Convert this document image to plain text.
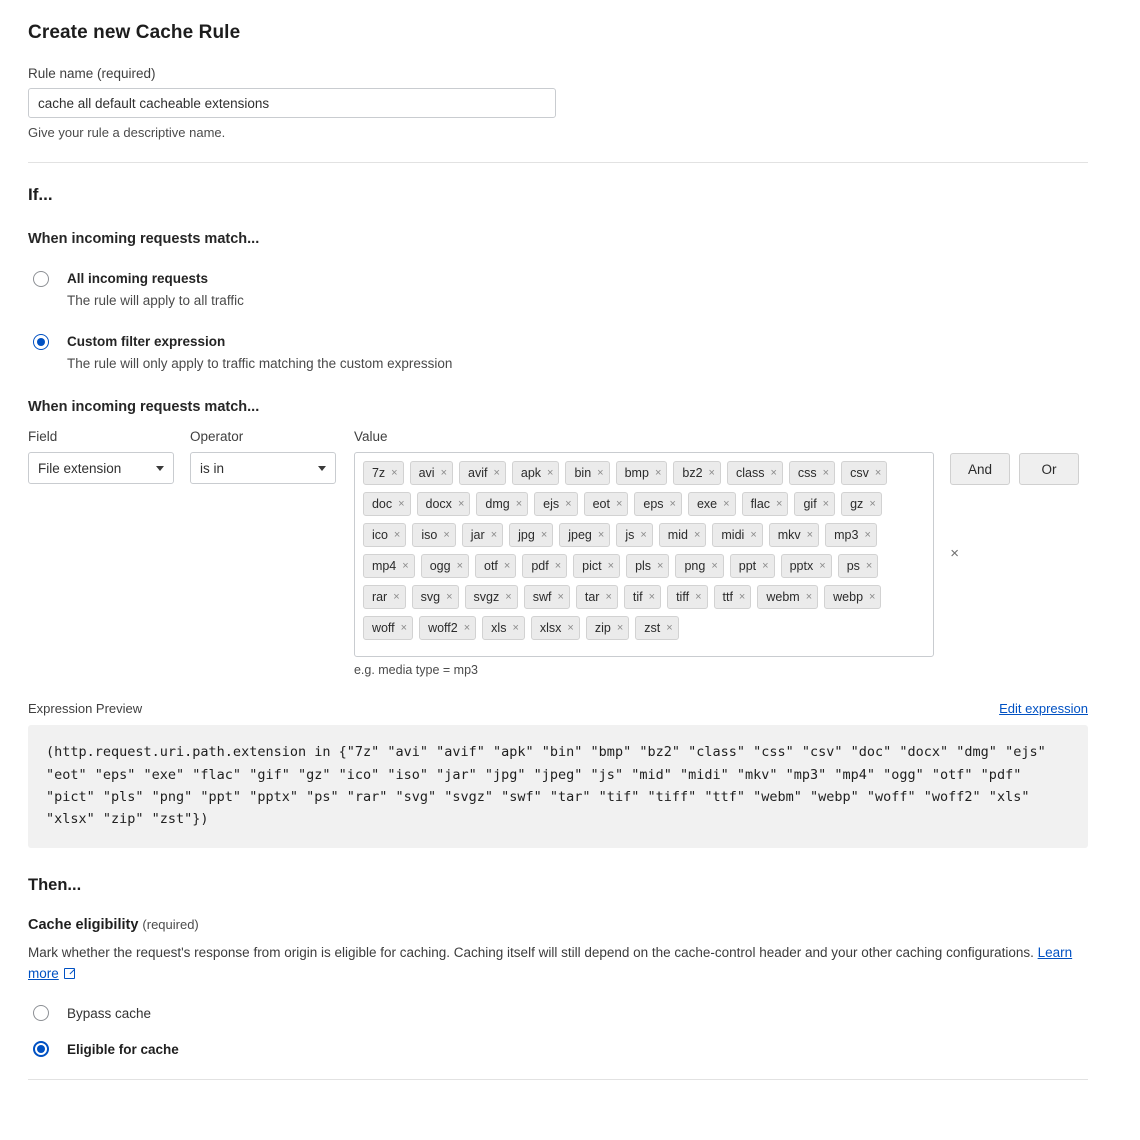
Create new Cache Rule
Rule name (required)
cache all default cacheable extensions
Give your rule a descriptive name.
If...
When incoming requests match...
All incoming requests
The rule will apply to all traffic
Custom filter expression
The rule will only apply to traffic matching the custom expression
When incoming requests match...
Field
File extension
Operator
is in
Value
7z × avi × avif × apk × bin × bmp × bz2 × class × css × csv ×
doc × docx × dmg × ejs × eot × eps × exe × flac × gif × gz ×
ico × iso × jar × jpg × jpeg × js × mid × midi × mkv × mp3 ×
mp4 × ogg × otf × pdf × pict × pls × png × ppt × pptx × ps ×
rar × svg × svgz × swf × tar × tif × tiff × ttf × webm × webp ×
woff × woff2 × xls × xlsx × zip × zst ×
×
e.g. media type = mp3
And	Or
Expression Preview	Edit expression
(http.request.uri.path.extension in {"7z" "avi" "avif" "apk" "bin" "bmp" "bz2" "class" "css" "csv" "doc" "docx" "dmg" "ejs" "eot" "eps" "exe" "flac" "gif" "gz" "ico" "iso" "jar" "jpg" "jpeg" "js" "mid" "midi" "mkv" "mp3" "mp4" "ogg" "otf" "pdf" "pict" "pls" "png" "ppt" "pptx" "ps" "rar" "svg" "svgz" "swf" "tar" "tif" "tiff" "ttf" "webm" "webp" "woff" "woff2" "xls" "xlsx" "zip" "zst"})
Then...
Cache eligibility (required)
Mark whether the request's response from origin is eligible for caching. Caching itself will still depend on the cache-control header and your other caching configurations. Learn more
Bypass cache
Eligible for cache
